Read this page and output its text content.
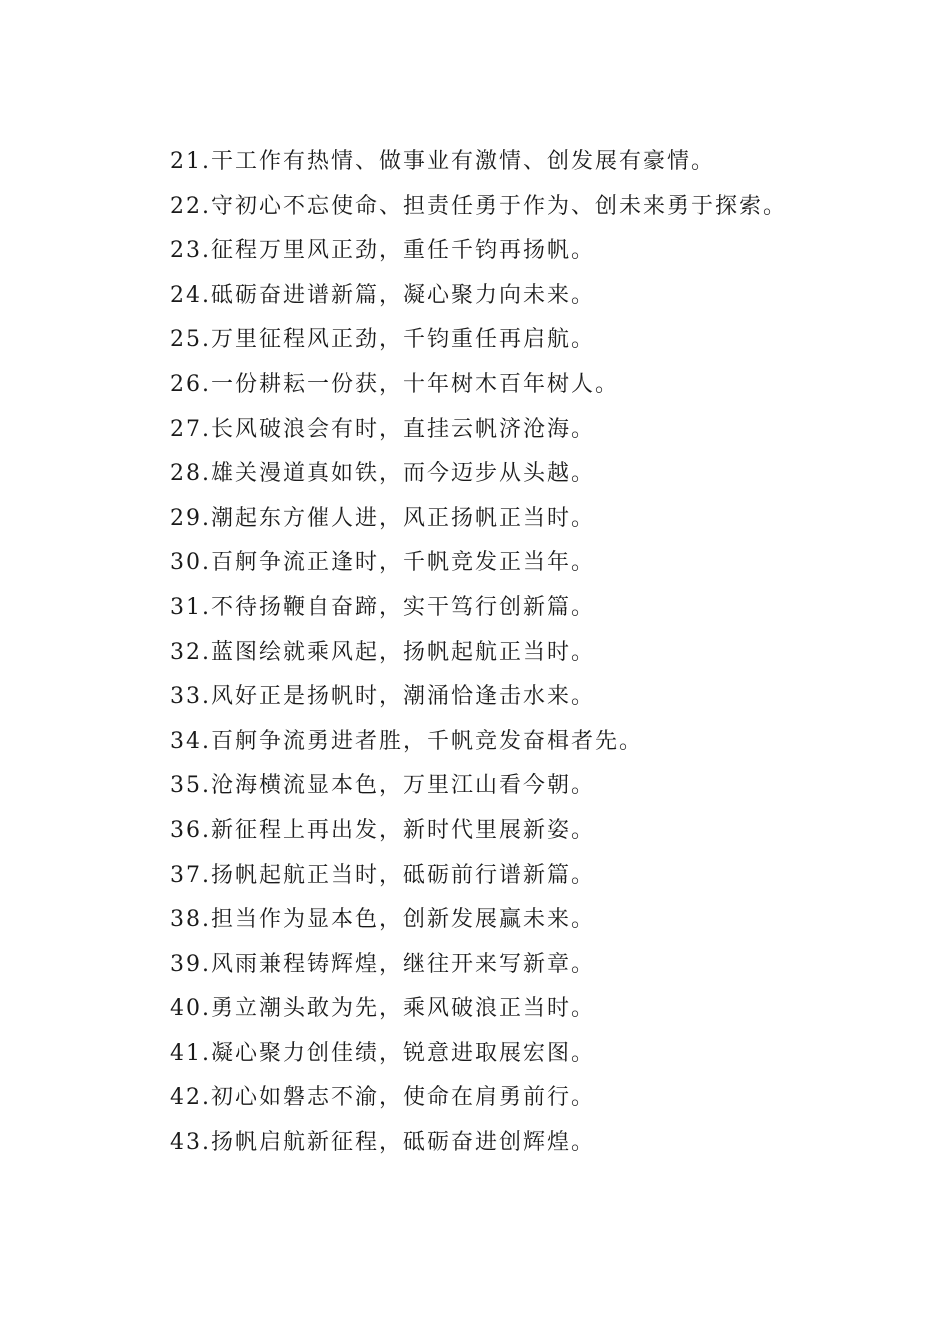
21.干工作有热情、做事业有激情、创发展有豪情。
22.守初心不忘使命、担责任勇于作为、创未来勇于探索。
23.征程万里风正劲，重任千钧再扬帆。
24.砥砺奋进谱新篇，凝心聚力向未来。
25.万里征程风正劲，千钧重任再启航。
26.一份耕耘一份获，十年树木百年树人。
27.长风破浪会有时，直挂云帆济沧海。
28.雄关漫道真如铁，而今迈步从头越。
29.潮起东方催人进，风正扬帆正当时。
30.百舸争流正逢时，千帆竞发正当年。
31.不待扬鞭自奋蹄，实干笃行创新篇。
32.蓝图绘就乘风起，扬帆起航正当时。
33.风好正是扬帆时，潮涌恰逢击水来。
34.百舸争流勇进者胜，千帆竞发奋楫者先。
35.沧海横流显本色，万里江山看今朝。
36.新征程上再出发，新时代里展新姿。
37.扬帆起航正当时，砥砺前行谱新篇。
38.担当作为显本色，创新发展赢未来。
39.风雨兼程铸辉煌，继往开来写新章。
40.勇立潮头敢为先，乘风破浪正当时。
41.凝心聚力创佳绩，锐意进取展宏图。
42.初心如磐志不渝，使命在肩勇前行。
43.扬帆启航新征程，砥砺奋进创辉煌。
